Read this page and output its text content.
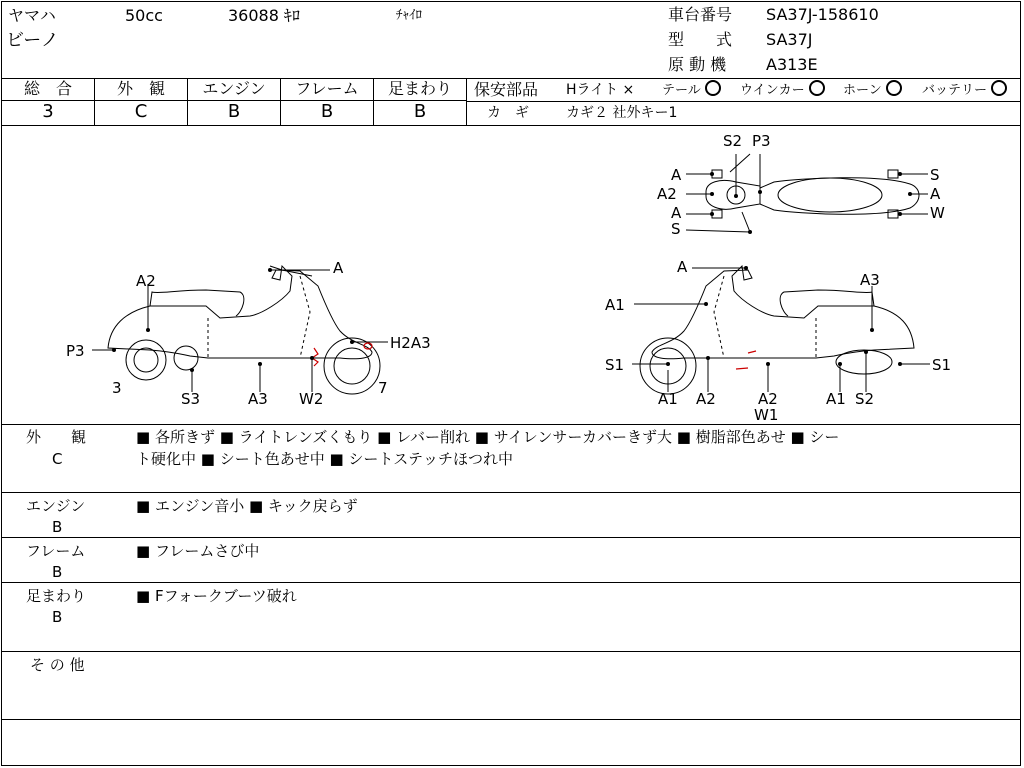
ヤマハ	50cc	36088 ｷﾛ	ﾁｬｲﾛ
ビーノ
車台番号 SA37J-158610
型　　式 SA37J
原 動 機 A313E
総　合	外　観	エンジン	フレーム	足まわり
3	C	B	B	B
保安部品 Hライト × テール	ウインカー	ホーン	バッテリー
カ　ギ	カギ２ 社外キー1
A2
A
P3	H2A3
3
S3	A3 W2
7
S2 P3
A
A2
A
S
S
A
W
A
A3
A1
S1	S1
A1 A2	A2
W1
A1 S2
外　　観
C
■ 各所きず ■ ライトレンズくもり ■ レバー削れ ■ サイレンサーカバーきず大 ■ 樹脂部色あせ ■ シー
ト硬化中 ■ シート色あせ中 ■ シートステッチほつれ中
エンジン
B
■ エンジン音小 ■ キック戻らず
フレーム
B
■ フレームさび中
足まわり
B
■ Fフォークブーツ破れ
そ の 他
